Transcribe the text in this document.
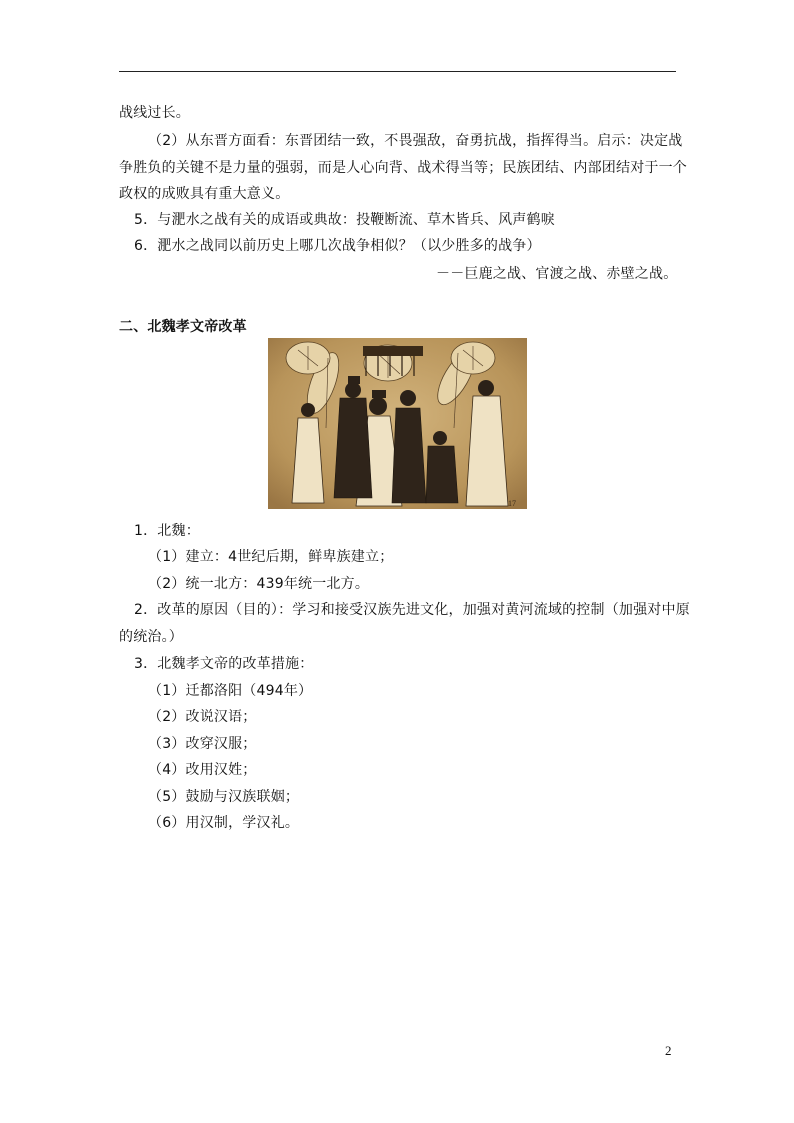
战线过长。
（2）从东晋方面看：东晋团结一致，不畏强敌，奋勇抗战，指挥得当。启示：决定战
争胜负的关键不是力量的强弱，而是人心向背、战术得当等；民族团结、内部团结对于一个
政权的成败具有重大意义。
5．与淝水之战有关的成语或典故：投鞭断流、草木皆兵、风声鹤唳
6．淝水之战同以前历史上哪几次战争相似？（以少胜多的战争）
－－巨鹿之战、官渡之战、赤壁之战。
二、北魏孝文帝改革
17
1．北魏：
（1）建立：4世纪后期，鲜卑族建立；
（2）统一北方：439年统一北方。
2．改革的原因（目的）：学习和接受汉族先进文化，加强对黄河流域的控制（加强对中原
的统治。）
3．北魏孝文帝的改革措施：
（1）迁都洛阳（494年）
（2）改说汉语；
（3）改穿汉服；
（4）改用汉姓；
（5）鼓励与汉族联姻；
（6）用汉制，学汉礼。
2
